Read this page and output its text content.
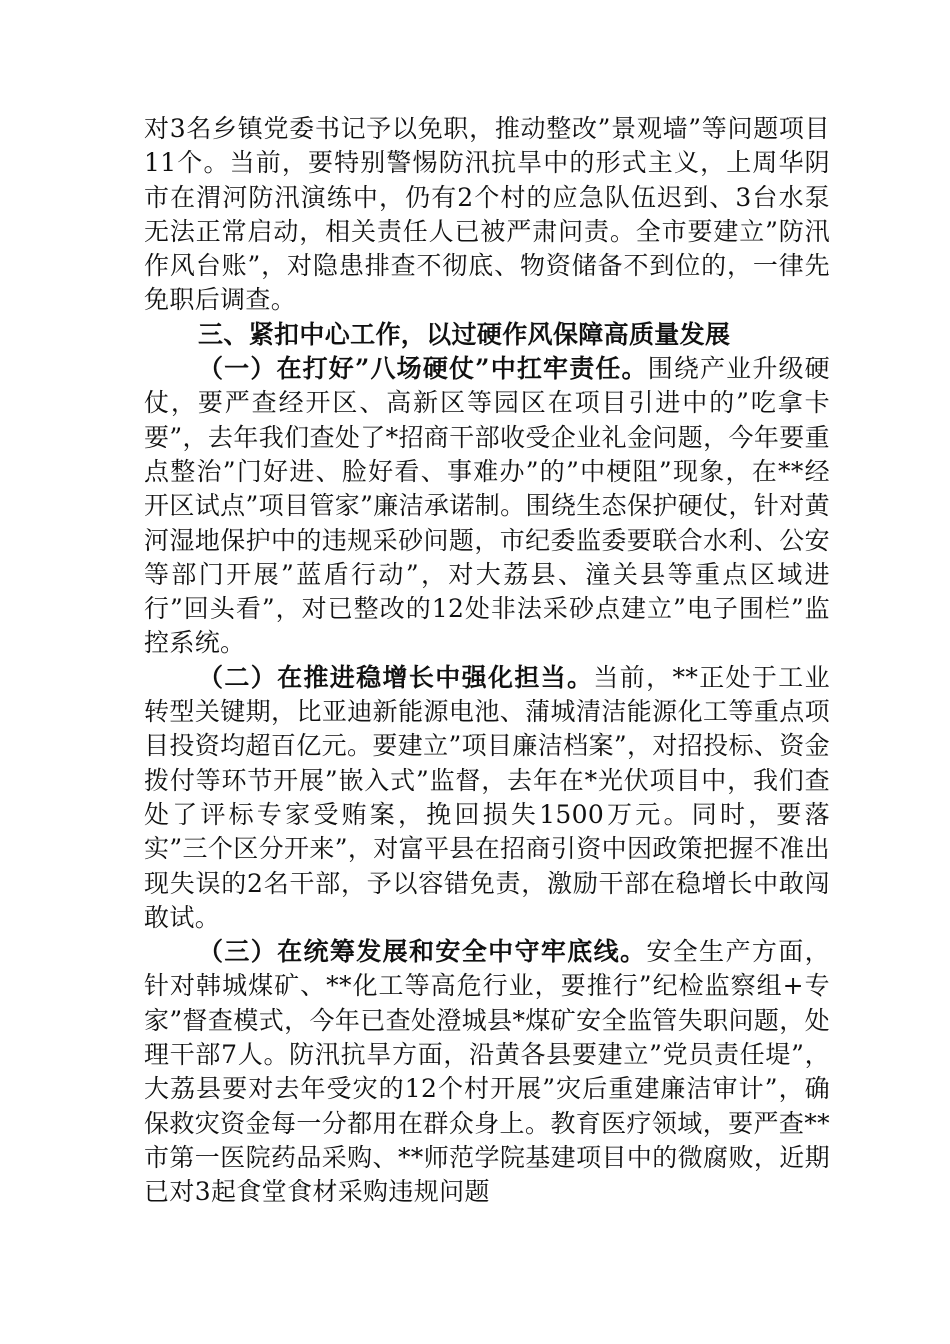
对3名乡镇党委书记予以免职，推动整改”景观墙”等问题项目11个。当前，要特别警惕防汛抗旱中的形式主义，上周华阴市在渭河防汛演练中，仍有2个村的应急队伍迟到、3台水泵无法正常启动，相关责任人已被严肃问责。全市要建立”防汛作风台账”，对隐患排查不彻底、物资储备不到位的，一律先免职后调查。

三、紧扣中心工作，以过硬作风保障高质量发展

（一）在打好”八场硬仗”中扛牢责任。围绕产业升级硬仗，要严查经开区、高新区等园区在项目引进中的”吃拿卡要”，去年我们查处了*招商干部收受企业礼金问题，今年要重点整治”门好进、脸好看、事难办”的”中梗阻”现象，在**经开区试点”项目管家”廉洁承诺制。围绕生态保护硬仗，针对黄河湿地保护中的违规采砂问题，市纪委监委要联合水利、公安等部门开展”蓝盾行动”，对大荔县、潼关县等重点区域进行”回头看”，对已整改的12处非法采砂点建立”电子围栏”监控系统。

（二）在推进稳增长中强化担当。当前，**正处于工业转型关键期，比亚迪新能源电池、蒲城清洁能源化工等重点项目投资均超百亿元。要建立”项目廉洁档案”，对招投标、资金拨付等环节开展”嵌入式”监督，去年在*光伏项目中，我们查处了评标专家受贿案，挽回损失1500万元。同时，要落实”三个区分开来”，对富平县在招商引资中因政策把握不准出现失误的2名干部，予以容错免责，激励干部在稳增长中敢闯敢试。

（三）在统筹发展和安全中守牢底线。安全生产方面，针对韩城煤矿、**化工等高危行业，要推行”纪检监察组+专家”督查模式，今年已查处澄城县*煤矿安全监管失职问题，处理干部7人。防汛抗旱方面，沿黄各县要建立”党员责任堤”，大荔县要对去年受灾的12个村开展”灾后重建廉洁审计”，确保救灾资金每一分都用在群众身上。教育医疗领域，要严查**市第一医院药品采购、**师范学院基建项目中的微腐败，近期已对3起食堂食材采购违规问题
